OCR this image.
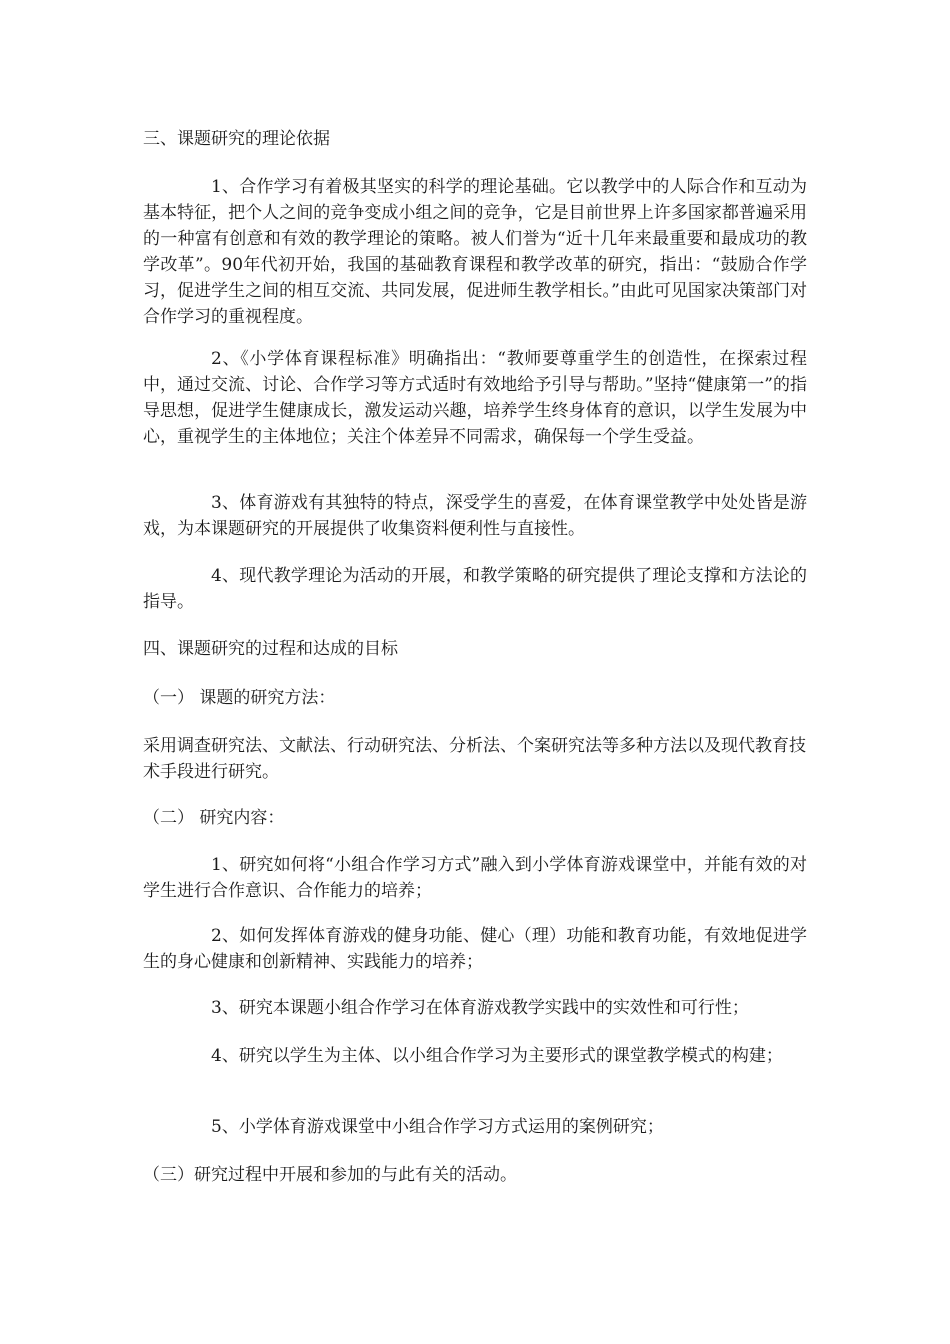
三、课题研究的理论依据

1、合作学习有着极其坚实的科学的理论基础。它以教学中的人际合作和互动为基本特征，把个人之间的竞争变成小组之间的竞争，它是目前世界上许多国家都普遍采用的一种富有创意和有效的教学理论的策略。被人们誉为“近十几年来最重要和最成功的教学改革”。90年代初开始，我国的基础教育课程和教学改革的研究，指出：“鼓励合作学习，促进学生之间的相互交流、共同发展，促进师生教学相长。”由此可见国家决策部门对合作学习的重视程度。

2、《小学体育课程标准》明确指出：“教师要尊重学生的创造性，在探索过程中，通过交流、讨论、合作学习等方式适时有效地给予引导与帮助。”坚持“健康第一”的指导思想，促进学生健康成长，激发运动兴趣，培养学生终身体育的意识，以学生发展为中心，重视学生的主体地位；关注个体差异不同需求，确保每一个学生受益。

3、体育游戏有其独特的特点，深受学生的喜爱，在体育课堂教学中处处皆是游戏，为本课题研究的开展提供了收集资料便利性与直接性。

4、现代教学理论为活动的开展，和教学策略的研究提供了理论支撑和方法论的指导。

四、课题研究的过程和达成的目标

（一） 课题的研究方法：

采用调查研究法、文献法、行动研究法、分析法、个案研究法等多种方法以及现代教育技术手段进行研究。

（二） 研究内容：

1、研究如何将“小组合作学习方式”融入到小学体育游戏课堂中，并能有效的对学生进行合作意识、合作能力的培养；

2、如何发挥体育游戏的健身功能、健心（理）功能和教育功能，有效地促进学生的身心健康和创新精神、实践能力的培养；

3、研究本课题小组合作学习在体育游戏教学实践中的实效性和可行性；

4、研究以学生为主体、以小组合作学习为主要形式的课堂教学模式的构建；

5、小学体育游戏课堂中小组合作学习方式运用的案例研究；

（三）研究过程中开展和参加的与此有关的活动。
